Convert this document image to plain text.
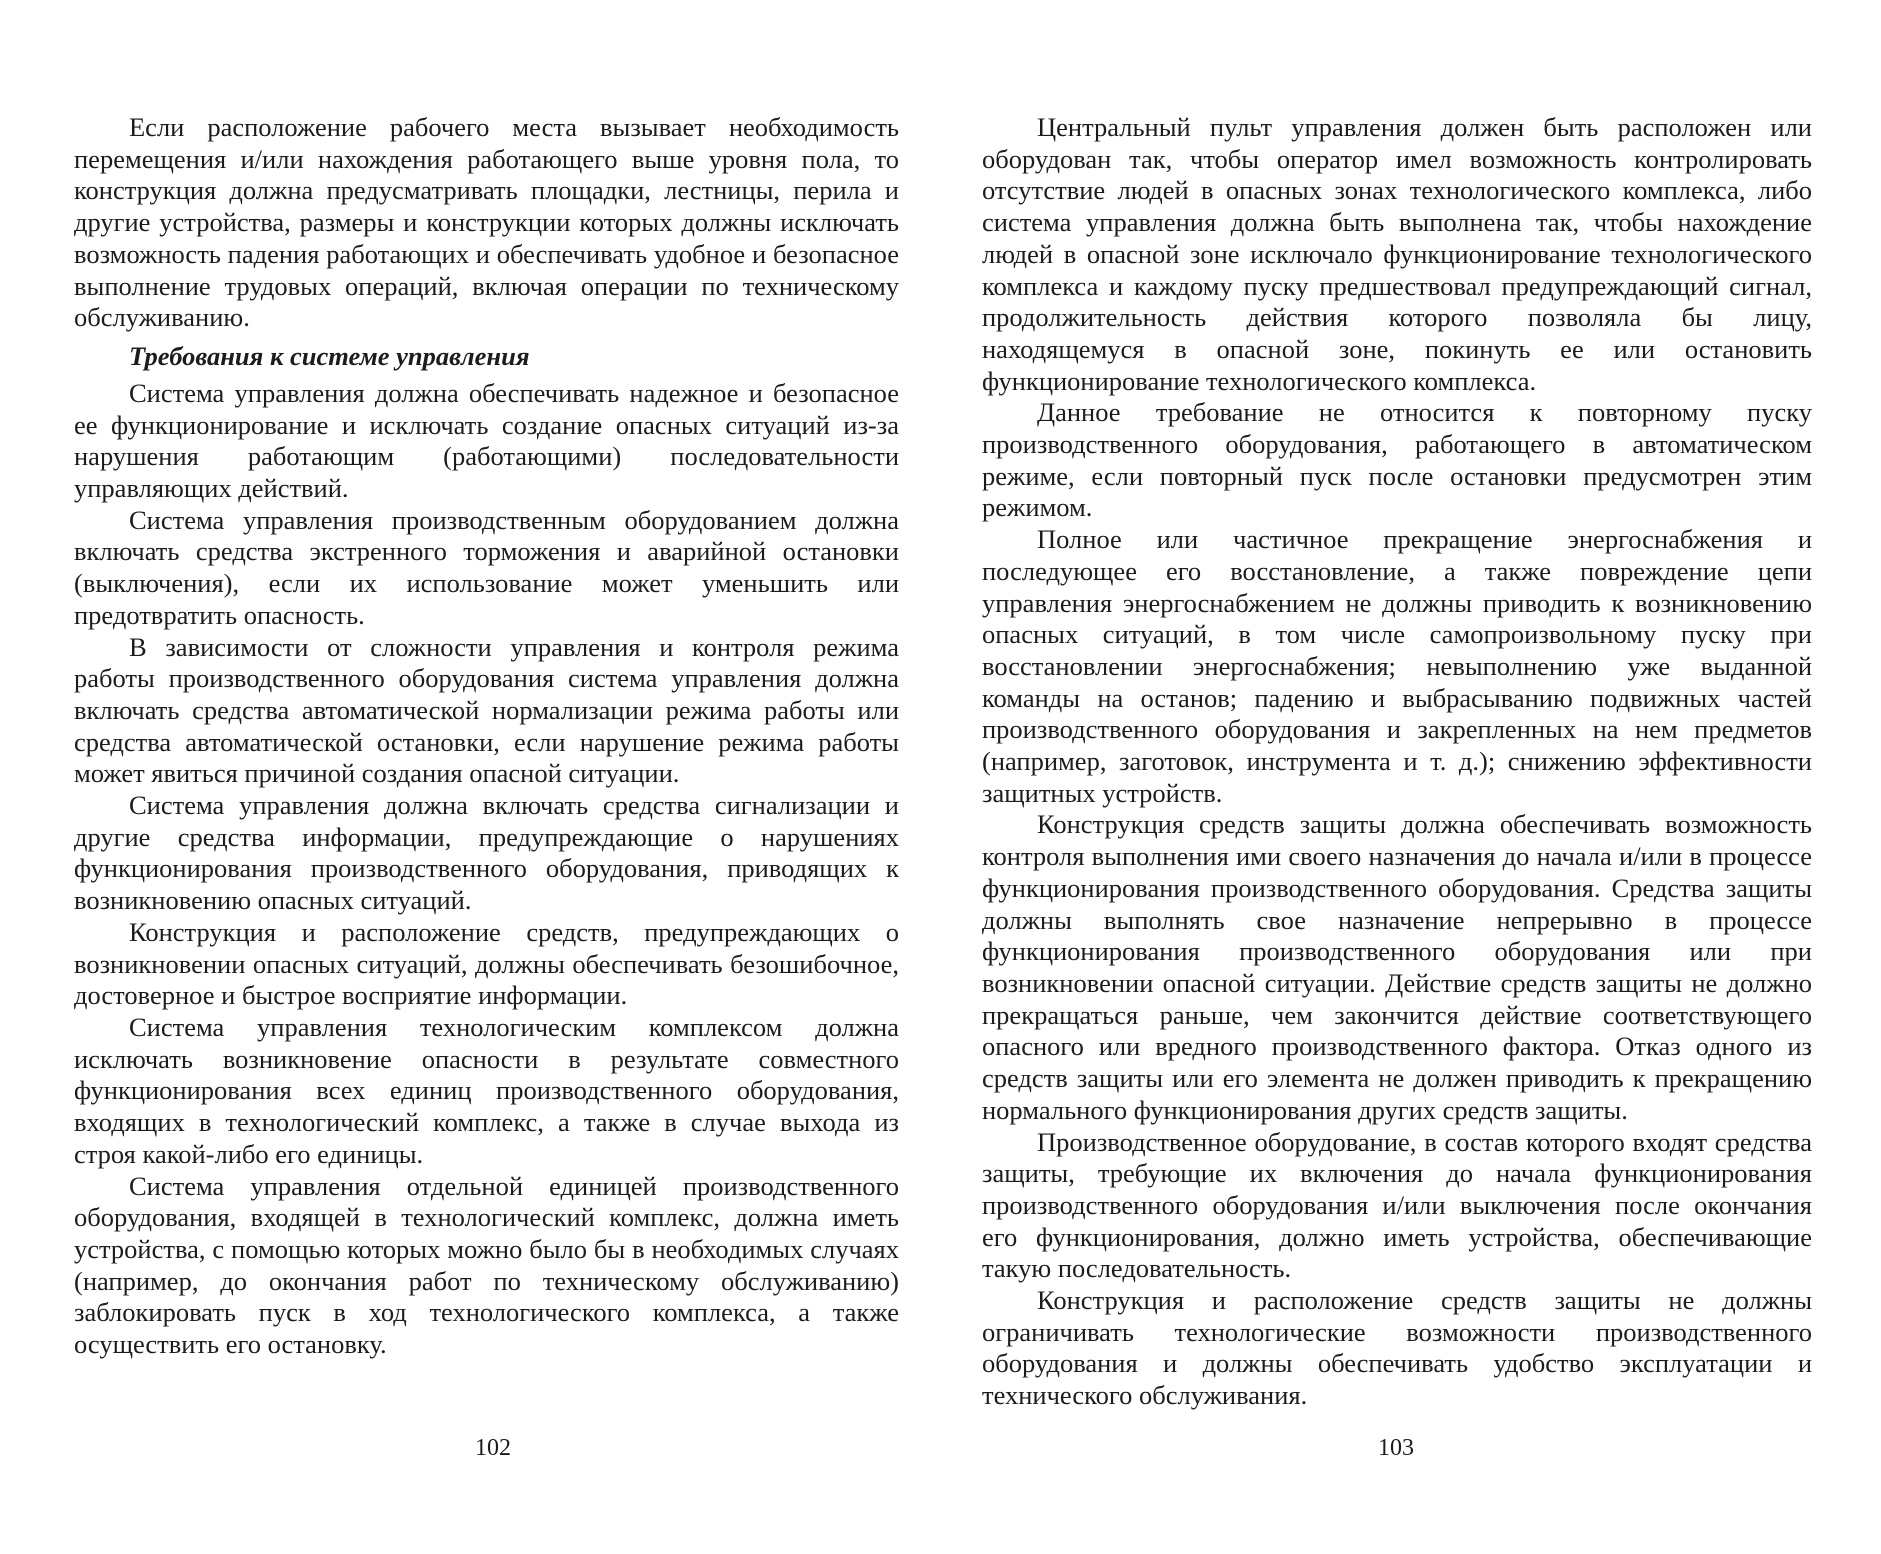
Если расположение рабочего места вызывает необходимость перемещения и/или нахождения работающего выше уровня пола, то конструкция должна предусматривать площадки, лестницы, перила и другие устройства, размеры и конструкции которых должны исключать возможность падения работающих и обеспечивать удобное и безопасное выполнение трудовых операций, включая операции по техническому обслуживанию.

Требования к системе управления

Система управления должна обеспечивать надежное и безопасное ее функционирование и исключать создание опасных ситуаций из-за нарушения работающим (работающими) последовательности управляющих действий.

Система управления производственным оборудованием должна включать средства экстренного торможения и аварийной остановки (выключения), если их использование может уменьшить или предотвратить опасность.

В зависимости от сложности управления и контроля режима работы производственного оборудования система управления должна включать средства автоматической нормализации режима работы или средства автоматической остановки, если нарушение режима работы может явиться причиной создания опасной ситуации.

Система управления должна включать средства сигнализации и другие средства информации, предупреждающие о нарушениях функционирования производственного оборудования, приводящих к возникновению опасных ситуаций.

Конструкция и расположение средств, предупреждающих о возникновении опасных ситуаций, должны обеспечивать безошибочное, достоверное и быстрое восприятие информации.

Система управления технологическим комплексом должна исключать возникновение опасности в результате совместного функционирования всех единиц производственного оборудования, входящих в технологический комплекс, а также в случае выхода из строя какой-либо его единицы.

Система управления отдельной единицей производственного оборудования, входящей в технологический комплекс, должна иметь устройства, с помощью которых можно было бы в необходимых случаях (например, до окончания работ по техническому обслуживанию) заблокировать пуск в ход технологического комплекса, а также осуществить его остановку.

102

Центральный пульт управления должен быть расположен или оборудован так, чтобы оператор имел возможность контролировать отсутствие людей в опасных зонах технологического комплекса, либо система управления должна быть выполнена так, чтобы нахождение людей в опасной зоне исключало функционирование технологического комплекса и каждому пуску предшествовал предупреждающий сигнал, продолжительность действия которого позволяла бы лицу, находящемуся в опасной зоне, покинуть ее или остановить функционирование технологического комплекса.

Данное требование не относится к повторному пуску производственного оборудования, работающего в автоматическом режиме, если повторный пуск после остановки предусмотрен этим режимом.

Полное или частичное прекращение энергоснабжения и последующее его восстановление, а также повреждение цепи управления энергоснабжением не должны приводить к возникновению опасных ситуаций, в том числе самопроизвольному пуску при восстановлении энергоснабжения; невыполнению уже выданной команды на останов; падению и выбрасыванию подвижных частей производственного оборудования и закрепленных на нем предметов (например, заготовок, инструмента и т. д.); снижению эффективности защитных устройств.

Конструкция средств защиты должна обеспечивать возможность контроля выполнения ими своего назначения до начала и/или в процессе функционирования производственного оборудования. Средства защиты должны выполнять свое назначение непрерывно в процессе функционирования производственного оборудования или при возникновении опасной ситуации. Действие средств защиты не должно прекращаться раньше, чем закончится действие соответствующего опасного или вредного производственного фактора. Отказ одного из средств защиты или его элемента не должен приводить к прекращению нормального функционирования других средств защиты.

Производственное оборудование, в состав которого входят средства защиты, требующие их включения до начала функционирования производственного оборудования и/или выключения после окончания его функционирования, должно иметь устройства, обеспечивающие такую последовательность.

Конструкция и расположение средств защиты не должны ограничивать технологические возможности производственного оборудования и должны обеспечивать удобство эксплуатации и технического обслуживания.

103
